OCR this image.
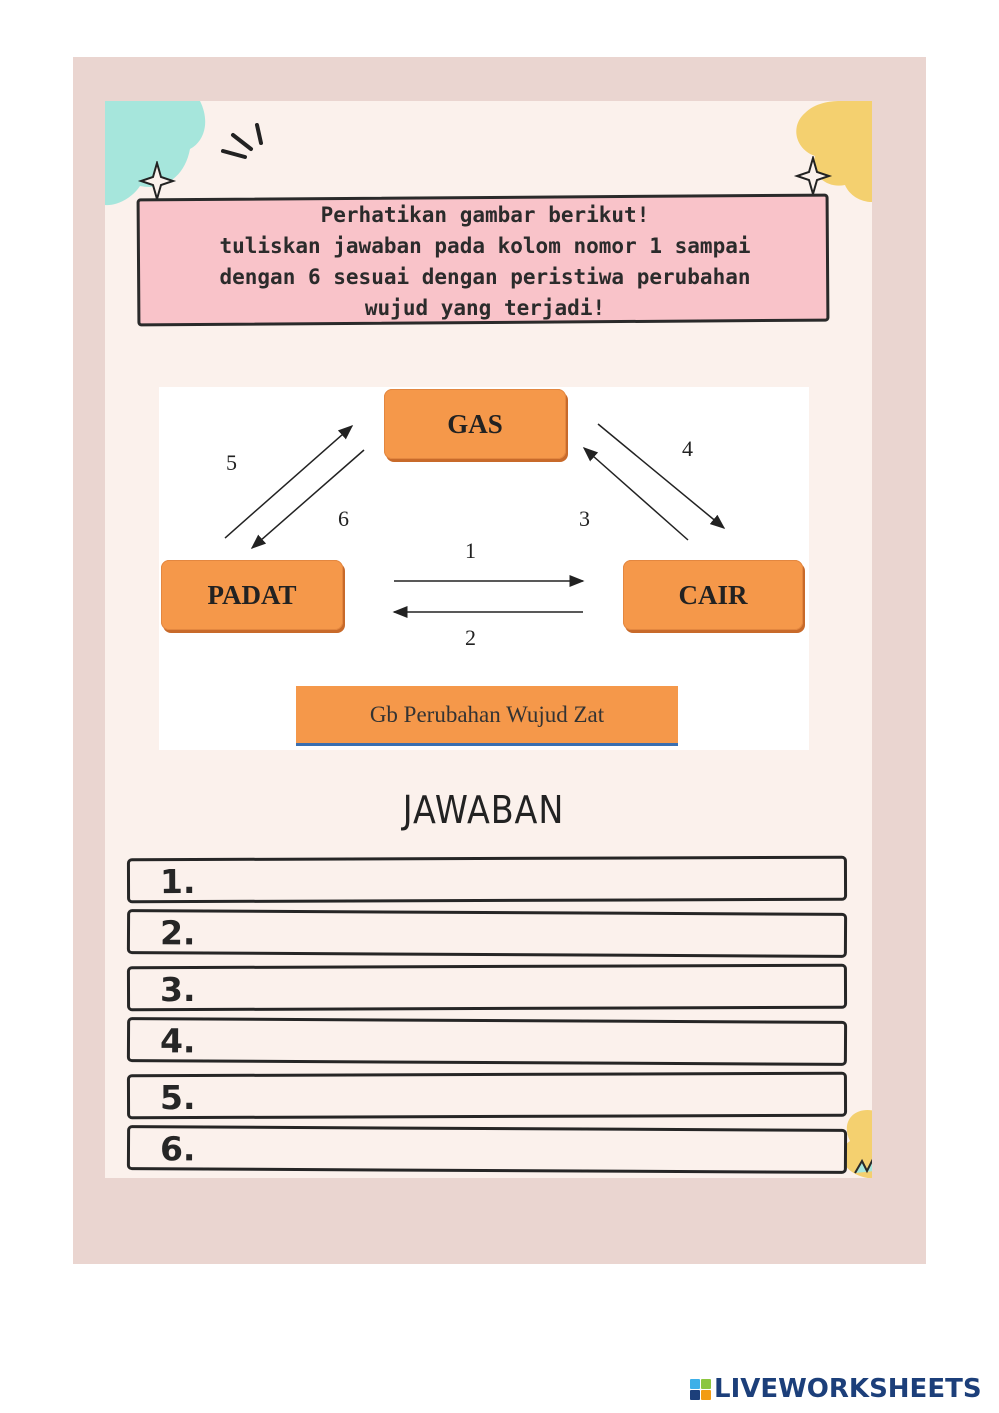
Perhatikan gambar berikut!
tuliskan jawaban pada kolom nomor 1 sampai
dengan 6 sesuai dengan peristiwa perubahan
wujud yang terjadi!
GAS
PADAT	CAIR
5
6
4
3
1
2
Gb Perubahan Wujud Zat
JAWABAN
1.
2.
3.
4.
5.
6.
LIVEWORKSHEETS
